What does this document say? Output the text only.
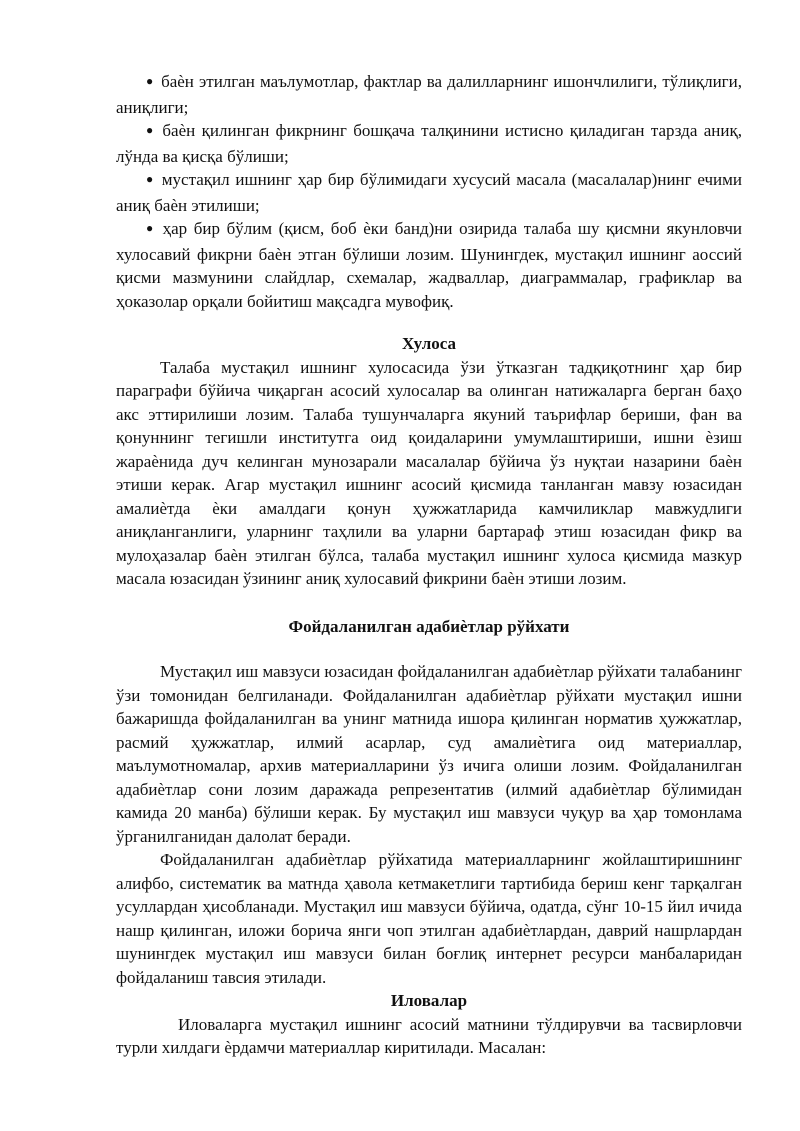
● баѐн этилган маълумотлар, фактлар ва далилларнинг ишончлилиги, тўлиқлиги, аниқлиги;

● баѐн қилинган фикрнинг бошқача талқинини истисно қиладиган тарзда аниқ, лўнда ва қисқа бўлиши;

● мустақил ишнинг ҳар бир бўлимидаги хусусий масала (масалалар)нинг ечими аниқ баѐн этилиши;

● ҳар бир бўлим (қисм, боб ѐки банд)ни озирида талаба шу қисмни якунловчи хулосавий фикрни баѐн этган бўлиши лозим. Шунингдек, мустақил ишнинг аоссий қисми мазмунини слайдлар, схемалар, жадваллар, диаграммалар, графиклар ва ҳоказолар орқали бойитиш мақсадга мувофиқ.

Хулоса

Талаба мустақил ишнинг хулосасида ўзи ўтказган тадқиқотнинг ҳар бир параграфи бўйича чиқарган асосий хулосалар ва олинган натижаларга берган баҳо акс эттирилиши лозим. Талаба тушунчаларга якуний таърифлар бериши, фан ва қонуннинг тегишли институтга оид қоидаларини умумлаштириши, ишни ѐзиш жараѐнида дуч келинган мунозарали масалалар бўйича ўз нуқтаи назарини баѐн этиши керак. Агар мустақил ишнинг асосий қисмида танланган мавзу юзасидан амалиѐтда ѐки амалдаги қонун ҳужжатларида камчиликлар мавжудлиги аниқланганлиги, уларнинг таҳлили ва уларни бартараф этиш юзасидан фикр ва мулоҳазалар баѐн этилган бўлса, талаба мустақил ишнинг хулоса қисмида мазкур масала юзасидан ўзининг аниқ хулосавий фикрини баѐн этиши лозим.

Фойдаланилган адабиѐтлар рўйхати

Мустақил иш мавзуси юзасидан фойдаланилган адабиѐтлар рўйхати талабанинг ўзи томонидан белгиланади. Фойдаланилган адабиѐтлар рўйхати мустақил ишни бажаришда фойдаланилган ва унинг матнида ишора қилинган норматив ҳужжатлар, расмий ҳужжатлар, илмий асарлар, суд амалиѐтига оид материаллар, маълумотномалар, архив материалларини ўз ичига олиши лозим. Фойдаланилган адабиѐтлар сони лозим даражада репрезентатив (илмий адабиѐтлар бўлимидан камида 20 манба) бўлиши керак. Бу мустақил иш мавзуси чуқур ва ҳар томонлама ўрганилганидан далолат беради.

Фойдаланилган адабиѐтлар рўйхатида материалларнинг жойлаштиришнинг алифбо, систематик ва матнда ҳавола кетмакетлиги тартибида бериш кенг тарқалган усуллардан ҳисобланади. Мустақил иш мавзуси бўйича, одатда, сўнг 10-15 йил ичида нашр қилинган, иложи борича янги чоп этилган адабиѐтлардан, даврий нашрлардан шунингдек мустақил иш мавзуси билан боғлиқ интернет ресурси манбаларидан фойдаланиш тавсия этилади.

Иловалар

Иловаларга мустақил ишнинг асосий матнини тўлдирувчи ва тасвирловчи турли хилдаги ѐрдамчи материаллар киритилади. Масалан:
